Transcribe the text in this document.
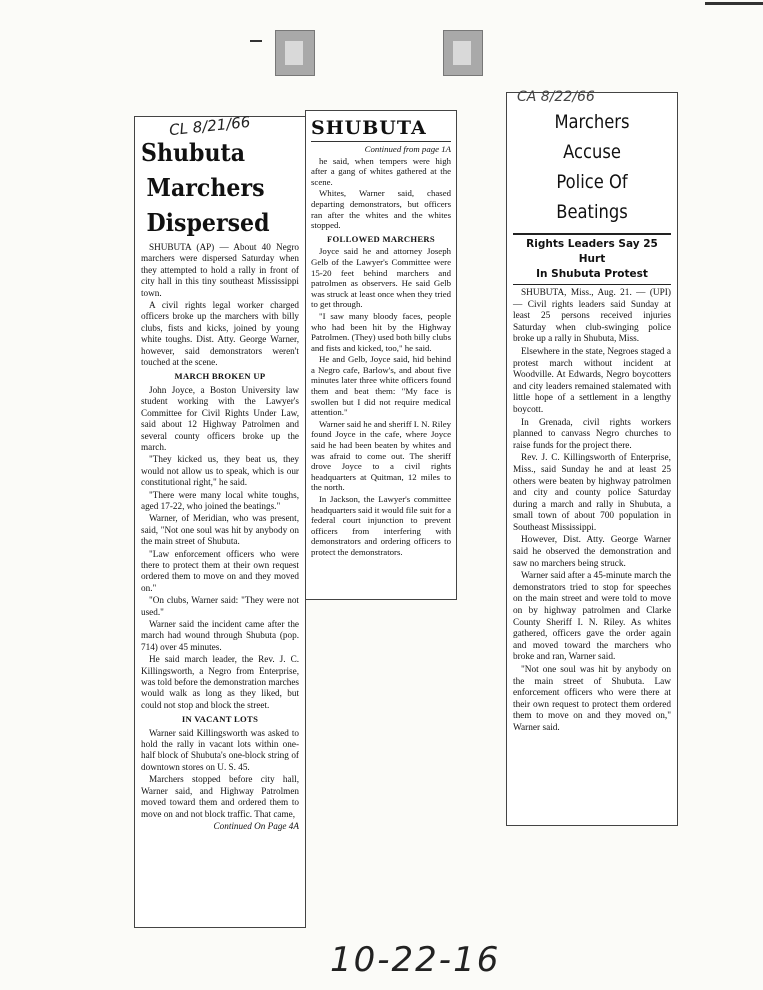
CL 8/21/66
Shubuta
Marchers
Dispersed

SHUBUTA (AP) — About 40 Negro marchers were dispersed Saturday when they attempted to hold a rally in front of city hall in this tiny southeast Mississippi town.

A civil rights legal worker charged officers broke up the marchers with billy clubs, fists and kicks, joined by young white toughs. Dist. Atty. George Warner, however, said demonstrators weren't touched at the scene.

MARCH BROKEN UP

John Joyce, a Boston University law student working with the Lawyer's Committee for Civil Rights Under Law, said about 12 Highway Patrolmen and several county officers broke up the march.

"They kicked us, they beat us, they would not allow us to speak, which is our constitutional right," he said.

"There were many local white toughs, aged 17-22, who joined the beatings."

Warner, of Meridian, who was present, said, "Not one soul was hit by anybody on the main street of Shubuta.

"Law enforcement officers who were there to protect them at their own request ordered them to move on and they moved on."

"On clubs, Warner said: "They were not used."

Warner said the incident came after the march had wound through Shubuta (pop. 714) over 45 minutes.

He said march leader, the Rev. J. C. Killingsworth, a Negro from Enterprise, was told before the demonstration marches would walk as long as they liked, but could not stop and block the street.

IN VACANT LOTS

Warner said Killingsworth was asked to hold the rally in vacant lots within one-half block of Shubuta's one-block string of downtown stores on U. S. 45.

Marchers stopped before city hall, Warner said, and Highway Patrolmen moved toward them and ordered them to move on and not block traffic. That came,

Continued On Page 4A

SHUBUTA

Continued from page 1A

he said, when tempers were high after a gang of whites gathered at the scene.

Whites, Warner said, chased departing demonstrators, but officers ran after the whites and the whites stopped.

FOLLOWED MARCHERS

Joyce said he and attorney Joseph Gelb of the Lawyer's Committee were 15-20 feet behind marchers and patrolmen as observers. He said Gelb was struck at least once when they tried to get through.

"I saw many bloody faces, people who had been hit by the Highway Patrolmen. (They) used both billy clubs and fists and kicked, too," he said.

He and Gelb, Joyce said, hid behind a Negro cafe, Barlow's, and about five minutes later three white officers found them and beat them: "My face is swollen but I did not require medical attention."

Warner said he and sheriff I. N. Riley found Joyce in the cafe, where Joyce said he had been beaten by whites and was afraid to come out. The sheriff drove Joyce to a civil rights headquarters at Quitman, 12 miles to the north.

In Jackson, the Lawyer's committee headquarters said it would file suit for a federal court injunction to prevent officers from interfering with demonstrators and ordering officers to protect the demonstrators.

CA 8/22/66
Marchers Accuse
Police Of Beatings
Rights Leaders Say 25 Hurt
In Shubuta Protest

SHUBUTA, Miss., Aug. 21. — (UPI) — Civil rights leaders said Sunday at least 25 persons received injuries Saturday when club-swinging police broke up a rally in Shubuta, Miss.

Elsewhere in the state, Negroes staged a protest march without incident at Woodville. At Edwards, Negro boycotters and city leaders remained stalemated with little hope of a settlement in a lengthy boycott.

In Grenada, civil rights workers planned to canvass Negro churches to raise funds for the project there.

Rev. J. C. Killingsworth of Enterprise, Miss., said Sunday he and at least 25 others were beaten by highway patrolmen and city and county police Saturday during a march and rally in Shubuta, a small town of about 700 population in Southeast Mississippi.

However, Dist. Atty. George Warner said he observed the demonstration and saw no marchers being struck.

Warner said after a 45-minute march the demonstrators tried to stop for speeches on the main street and were told to move on by highway patrolmen and Clarke County Sheriff I. N. Riley. As whites gathered, officers gave the order again and moved toward the marchers who broke and ran, Warner said.

"Not one soul was hit by anybody on the main street of Shubuta. Law enforcement officers who were there at their own request to protect them ordered them to move on and they moved on," Warner said.

10-22-16
